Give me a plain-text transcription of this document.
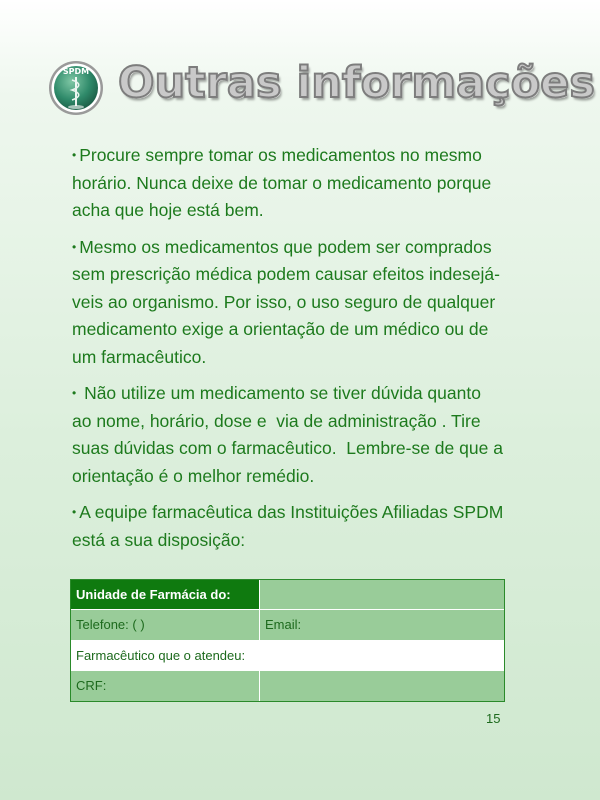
SPDM Outras informações
• Procure sempre tomar os medicamentos no mesmo
horário. Nunca deixe de tomar o medicamento porque
acha que hoje está bem.
• Mesmo os medicamentos que podem ser comprados
sem prescrição médica podem causar efeitos indesejá-
veis ao organismo. Por isso, o uso seguro de qualquer
medicamento exige a orientação de um médico ou de
um farmacêutico.
• Não utilize um medicamento se tiver dúvida quanto
ao nome, horário, dose e  via de administração . Tire
suas dúvidas com o farmacêutico.  Lembre-se de que a
orientação é o melhor remédio.
• A equipe farmacêutica das Instituições Afiliadas SPDM
está a sua disposição:
Unidade de Farmácia do:
Telefone: ( )	Email:
Farmacêutico que o atendeu:
CRF:
15
